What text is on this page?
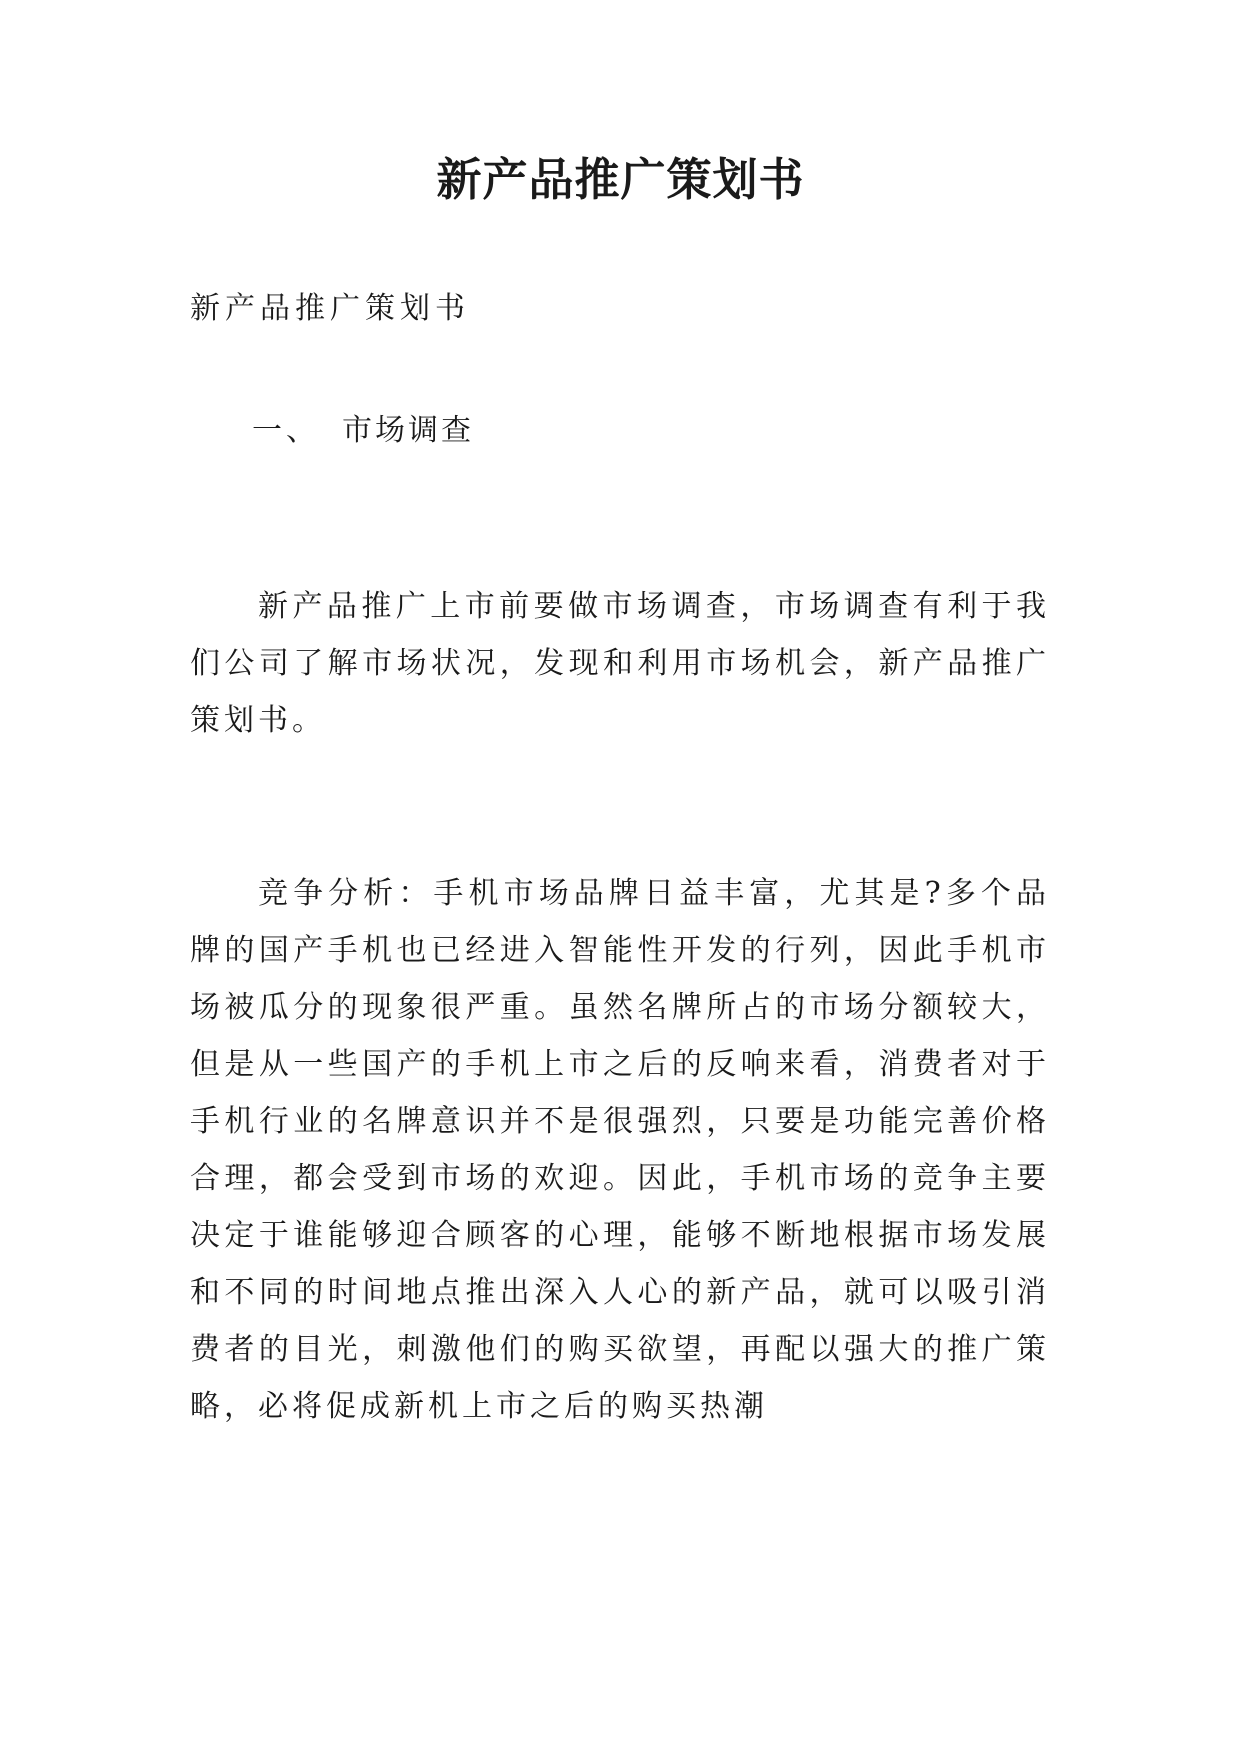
新产品推广策划书

新产品推广策划书

一、 市场调查

新产品推广上市前要做市场调查，市场调查有利于我们公司了解市场状况，发现和利用市场机会，新产品推广策划书。

竞争分析：手机市场品牌日益丰富，尤其是?多个品牌的国产手机也已经进入智能性开发的行列，因此手机市场被瓜分的现象很严重。虽然名牌所占的市场分额较大，但是从一些国产的手机上市之后的反响来看，消费者对于手机行业的名牌意识并不是很强烈，只要是功能完善价格合理，都会受到市场的欢迎。因此，手机市场的竞争主要决定于谁能够迎合顾客的心理，能够不断地根据市场发展和不同的时间地点推出深入人心的新产品，就可以吸引消费者的目光，刺激他们的购买欲望，再配以强大的推广策略，必将促成新机上市之后的购买热潮
